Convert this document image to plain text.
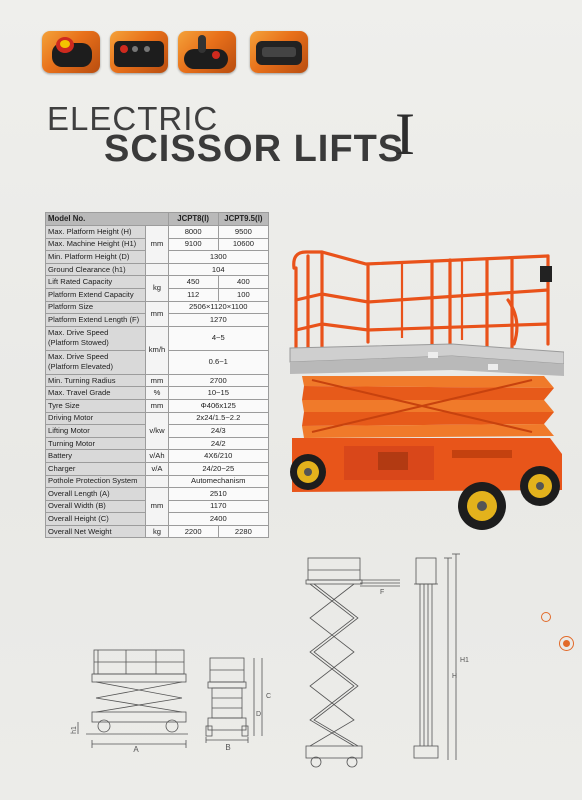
ELECTRIC
SCISSOR LIFTS
I
Model No.		JCPT8(Ⅰ)	JCPT9.5(Ⅰ)
Max. Platform Height (H)	mm	8000	9500
Max. Machine Height (H1)		9100	10600
Min. Platform Height (D)		1300	
Ground Clearance (h1)		104	
Lift Rated Capacity	kg	450	400
Platform Extend Capacity		112	100
Platform Size	mm	2506×1120×1100	
Platform Extend Length (F)		1270	

Max. Drive Speed
(Platform Stowed)	km/h	4~5	

Max. Drive Speed
(Platform Elevated)		0.6~1	
Min. Turning Radius	mm	2700	
Max. Travel Grade	%	10~15	
Tyre Size	mm	Φ406x125	
Driving Motor	v/kw	2x24/1.5~2.2	
Lifting Motor		24/3	
Turning Motor		24/2	
Battery	v/Ah	4X6/210	
Charger	v/A	24/20~25	
Pothole Protection System		Automechanism	
Overall Length (A)	mm	2510	
Overall Width (B)		1170	
Overall Height (C)		2400	
Overall Net Weight	kg	2200	2280
A
h1
B
C
D
F
H
H1
